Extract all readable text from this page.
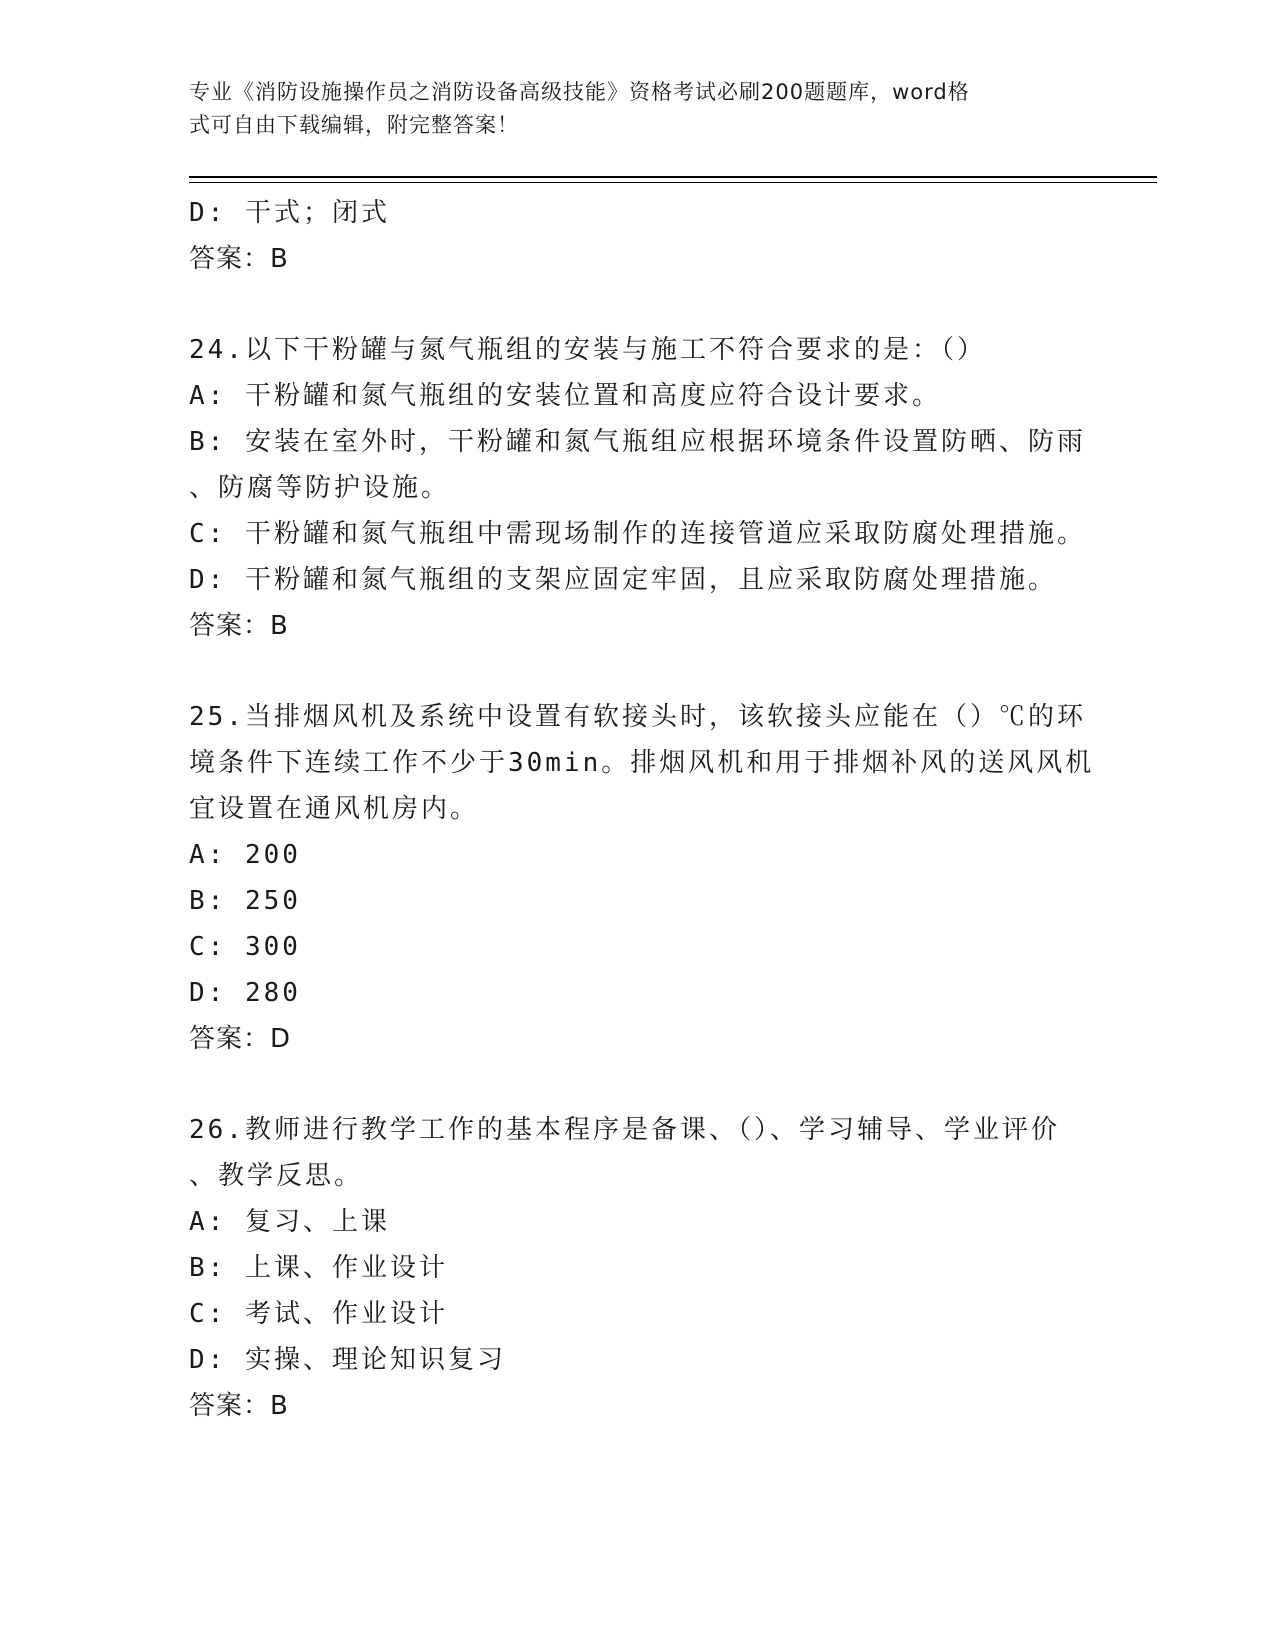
专业《消防设施操作员之消防设备高级技能》资格考试必刷200题题库，word格
式可自由下载编辑，附完整答案！
D: 干式；闭式
答案：B
24.以下干粉罐与氮气瓶组的安装与施工不符合要求的是：（）
A: 干粉罐和氮气瓶组的安装位置和高度应符合设计要求。
B: 安装在室外时，干粉罐和氮气瓶组应根据环境条件设置防晒、防雨
、防腐等防护设施。
C: 干粉罐和氮气瓶组中需现场制作的连接管道应采取防腐处理措施。
D: 干粉罐和氮气瓶组的支架应固定牢固，且应采取防腐处理措施。
答案：B
25.当排烟风机及系统中设置有软接头时，该软接头应能在（）℃的环
境条件下连续工作不少于30min。排烟风机和用于排烟补风的送风风机
宜设置在通风机房内。
A: 200
B: 250
C: 300
D: 280
答案：D
26.教师进行教学工作的基本程序是备课、（）、学习辅导、学业评价
、教学反思。
A: 复习、上课
B: 上课、作业设计
C: 考试、作业设计
D: 实操、理论知识复习
答案：B
